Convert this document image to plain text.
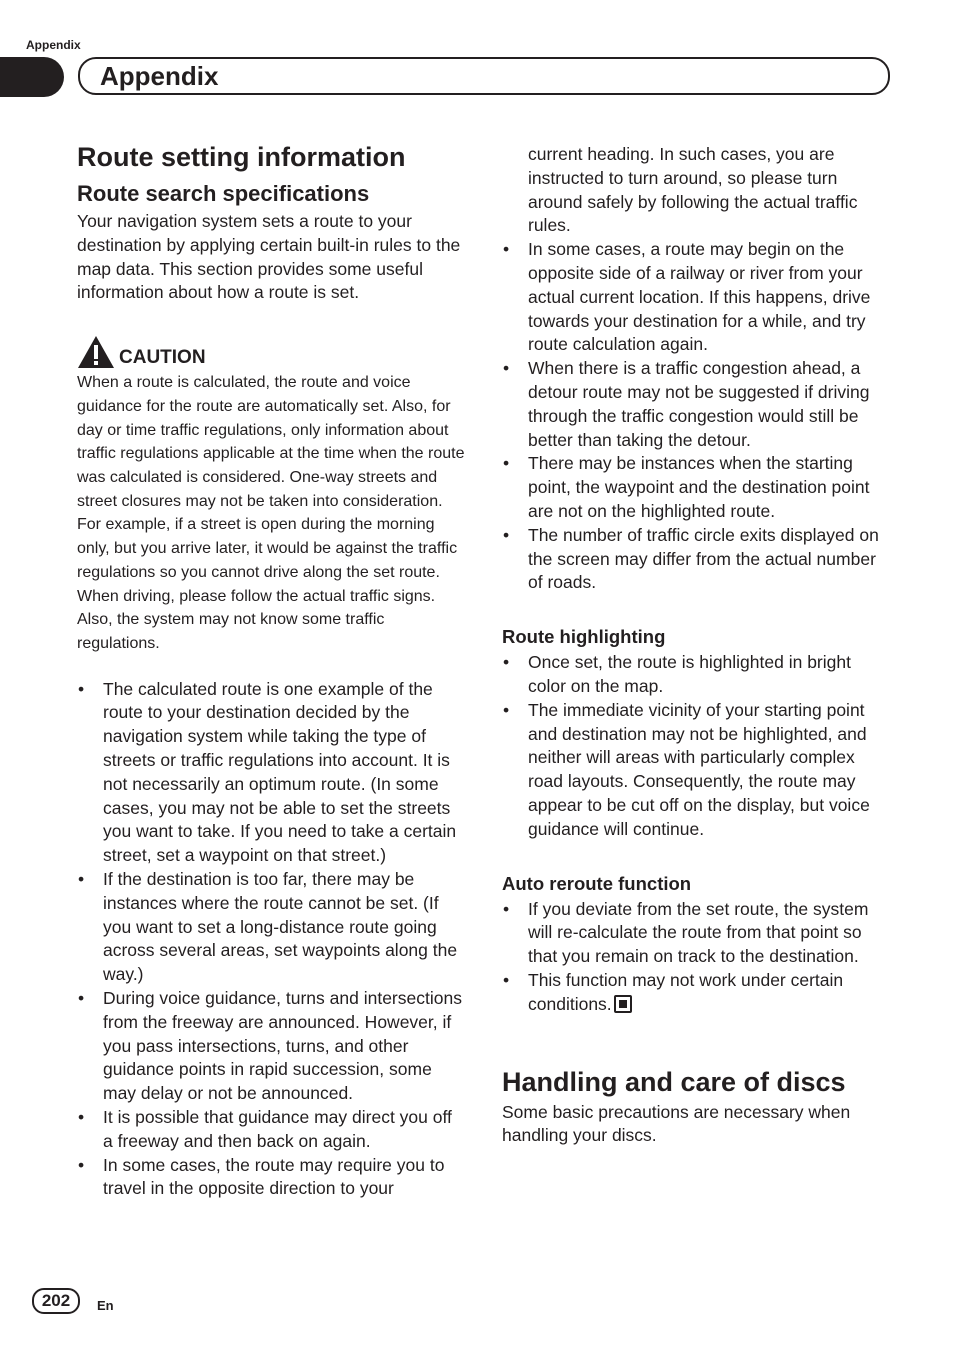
Appendix
Appendix
Route setting information
Route search specifications

Your navigation system sets a route to your destination by applying certain built-in rules to the map data. This section provides some useful information about how a route is set.

CAUTION

When a route is calculated, the route and voice guidance for the route are automatically set. Also, for day or time traffic regulations, only information about traffic regulations applicable at the time when the route was calculated is considered. One-way streets and street closures may not be taken into consideration. For example, if a street is open during the morning only, but you arrive later, it would be against the traffic regulations so you cannot drive along the set route. When driving, please follow the actual traffic signs. Also, the system may not know some traffic regulations.

• The calculated route is one example of the route to your destination decided by the navigation system while taking the type of streets or traffic regulations into account. It is not necessarily an optimum route. (In some cases, you may not be able to set the streets you want to take. If you need to take a certain street, set a waypoint on that street.)
• If the destination is too far, there may be instances where the route cannot be set. (If you want to set a long-distance route going across several areas, set waypoints along the way.)
• During voice guidance, turns and intersections from the freeway are announced. However, if you pass intersections, turns, and other guidance points in rapid succession, some may delay or not be announced.
• It is possible that guidance may direct you off a freeway and then back on again.
• In some cases, the route may require you to travel in the opposite direction to your

current heading. In such cases, you are instructed to turn around, so please turn around safely by following the actual traffic rules.

• In some cases, a route may begin on the opposite side of a railway or river from your actual current location. If this happens, drive towards your destination for a while, and try route calculation again.
• When there is a traffic congestion ahead, a detour route may not be suggested if driving through the traffic congestion would still be better than taking the detour.
• There may be instances when the starting point, the waypoint and the destination point are not on the highlighted route.
• The number of traffic circle exits displayed on the screen may differ from the actual number of roads.
Route highlighting
• Once set, the route is highlighted in bright color on the map.
• The immediate vicinity of your starting point and destination may not be highlighted, and neither will areas with particularly complex road layouts. Consequently, the route may appear to be cut off on the display, but voice guidance will continue.
Auto reroute function
• If you deviate from the set route, the system will re-calculate the route from that point so that you remain on track to the destination.
• This function may not work under certain conditions.
Handling and care of discs

Some basic precautions are necessary when handling your discs.

202	En
